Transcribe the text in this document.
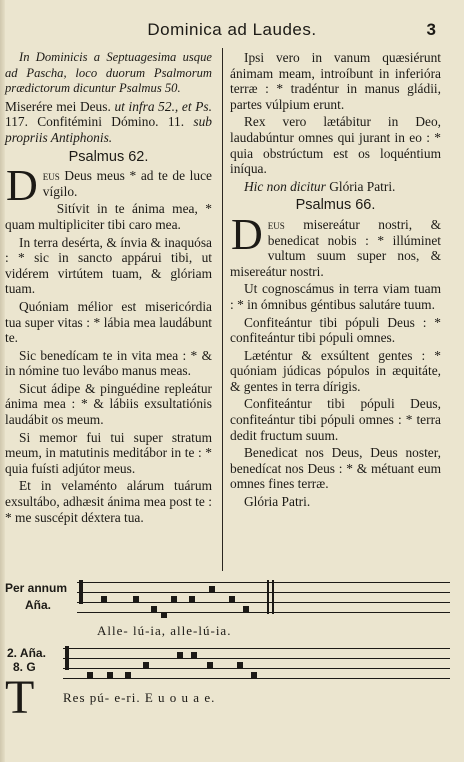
Dominica ad Laudes.	3

In Dominicis a Septuagesima usque ad Pascha, loco duorum Psalmorum prædictorum dicuntur Psalmus 50.

Miserére mei Deus. ut infra 52., et Ps. 117. Confitémini Dómino. 11. sub propriis Antiphonis.

Psalmus 62.

Deus Deus meus * ad te de luce vígilo.

Sitívit in te ánima mea, * quam multipliciter tibi caro mea.

In terra desérta, & ínvia & inaquósa : * sic in sancto appárui tibi, ut vidérem virtútem tuam, & glóriam tuam.

Quóniam mélior est misericórdia tua super vitas : * lábia mea laudábunt te.

Sic benedícam te in vita mea : * & in nómine tuo levábo manus meas.

Sicut ádipe & pinguédine repleátur ánima mea : * & lábiis exsultatiónis laudábit os meum.

Si memor fui tui super stratum meum, in matutinis meditábor in te : * quia fuísti adjútor meus.

Et in velaménto alárum tuárum exsultábo, adhæsit ánima mea post te : * me suscépit déxtera tua.

Ipsi vero in vanum quæsiérunt ánimam meam, introíbunt in inferióra terræ : * tradéntur in manus gládii, partes vúlpium erunt.

Rex vero lætábitur in Deo, laudabúntur omnes qui jurant in eo : * quia obstrúctum est os loquéntium iníqua.

Hic non dicitur Glória Patri.

Psalmus 66.

Deus misereátur nostri, & benedicat nobis : * illúminet vultum suum super nos, & misereátur nostri.

Ut cognoscámus in terra viam tuam : * in ómnibus géntibus salutáre tuum.

Confiteántur tibi pópuli Deus : * confiteántur tibi pópuli omnes.

Læténtur & exsúltent gentes : * quóniam júdicas pópulos in æquitáte, & gentes in terra dírigis.

Confiteántur tibi pópuli Deus, confiteántur tibi pópuli omnes : * terra dedit fructum suum.

Benedicat nos Deus, Deus noster, benedícat nos Deus : * & métuant eum omnes fines terræ.

Glória Patri.

Per annum
Aña.
Alle- lú-ia, alle-lú-ia.
2. Aña.
8. G
T Res pú- e-ri. E u o u a e.
